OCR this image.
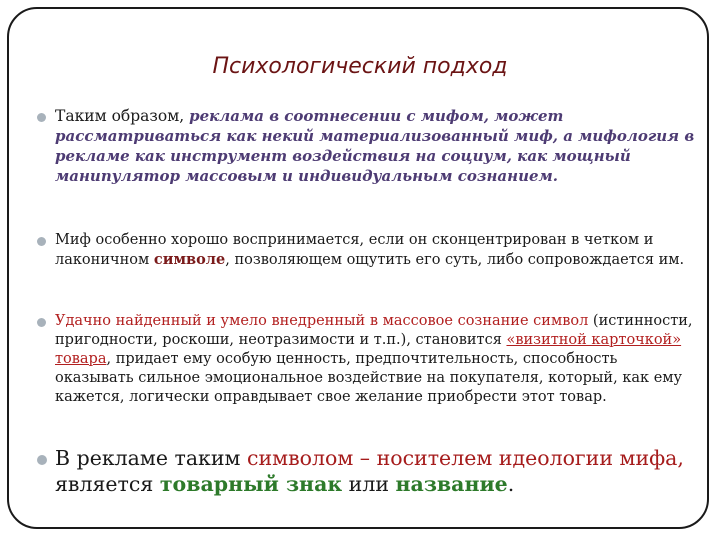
Психологический подход
Таким образом, реклама в соотнесении с мифом, может рассматриваться как некий материализованный миф, а мифология в рекламе как инструмент воздействия на социум, как мощный манипулятор массовым и индивидуальным сознанием.
Миф особенно хорошо воспринимается, если он сконцентрирован в четком и лаконичном символе, позволяющем ощутить его суть, либо сопровождается им.
Удачно найденный и умело внедренный в массовое сознание символ (истинности, пригодности, роскоши, неотразимости и т.п.), становится «визитной карточкой» товара, придает ему особую ценность, предпочтительность, способность оказывать сильное эмоциональное воздействие на покупателя, который, как ему кажется, логически оправдывает свое желание приобрести этот товар.
В рекламе таким символом – носителем идеологии мифа, является товарный знак или название.
